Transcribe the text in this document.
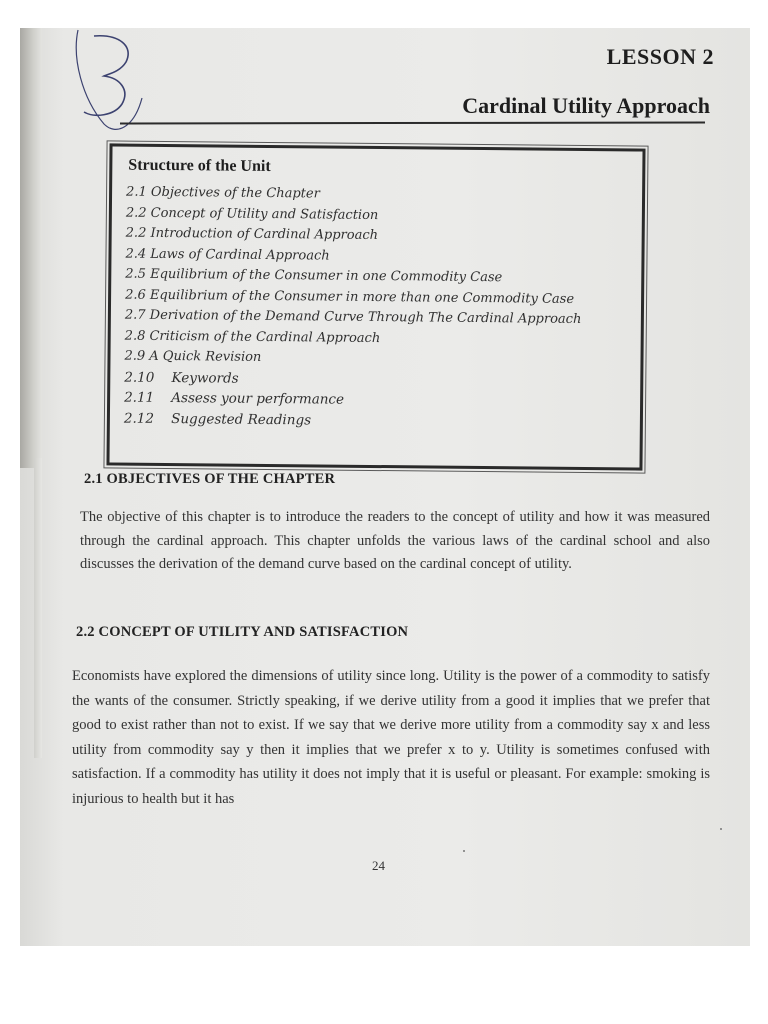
LESSON 2
Cardinal Utility Approach
Structure of the Unit
2.1 Objectives of the Chapter
2.2 Concept of Utility and Satisfaction
2.2 Introduction of Cardinal Approach
2.4 Laws of Cardinal Approach
2.5 Equilibrium of the Consumer in one Commodity Case
2.6 Equilibrium of the Consumer in more than one Commodity Case
2.7 Derivation of the Demand Curve Through The Cardinal Approach
2.8 Criticism of the Cardinal Approach
2.9 A Quick Revision
2.10    Keywords
2.11    Assess your performance
2.12    Suggested Readings
2.1 OBJECTIVES OF THE CHAPTER

The objective of this chapter is to introduce the readers to the concept of utility and how it was measured through the cardinal approach. This chapter unfolds the various laws of the cardinal school and also discusses the derivation of the demand curve based on the cardinal concept of utility.

2.2 CONCEPT OF UTILITY AND SATISFACTION

Economists have explored the dimensions of utility since long. Utility is the power of a commodity to satisfy the wants of the consumer. Strictly speaking, if we derive utility from a good it implies that we prefer that good to exist rather than not to exist. If we say that we derive more utility from a commodity say x and less utility from commodity say y then it implies that we prefer x to y. Utility is sometimes confused with satisfaction. If a commodity has utility it does not imply that it is useful or pleasant. For example: smoking is injurious to health but it has

24
